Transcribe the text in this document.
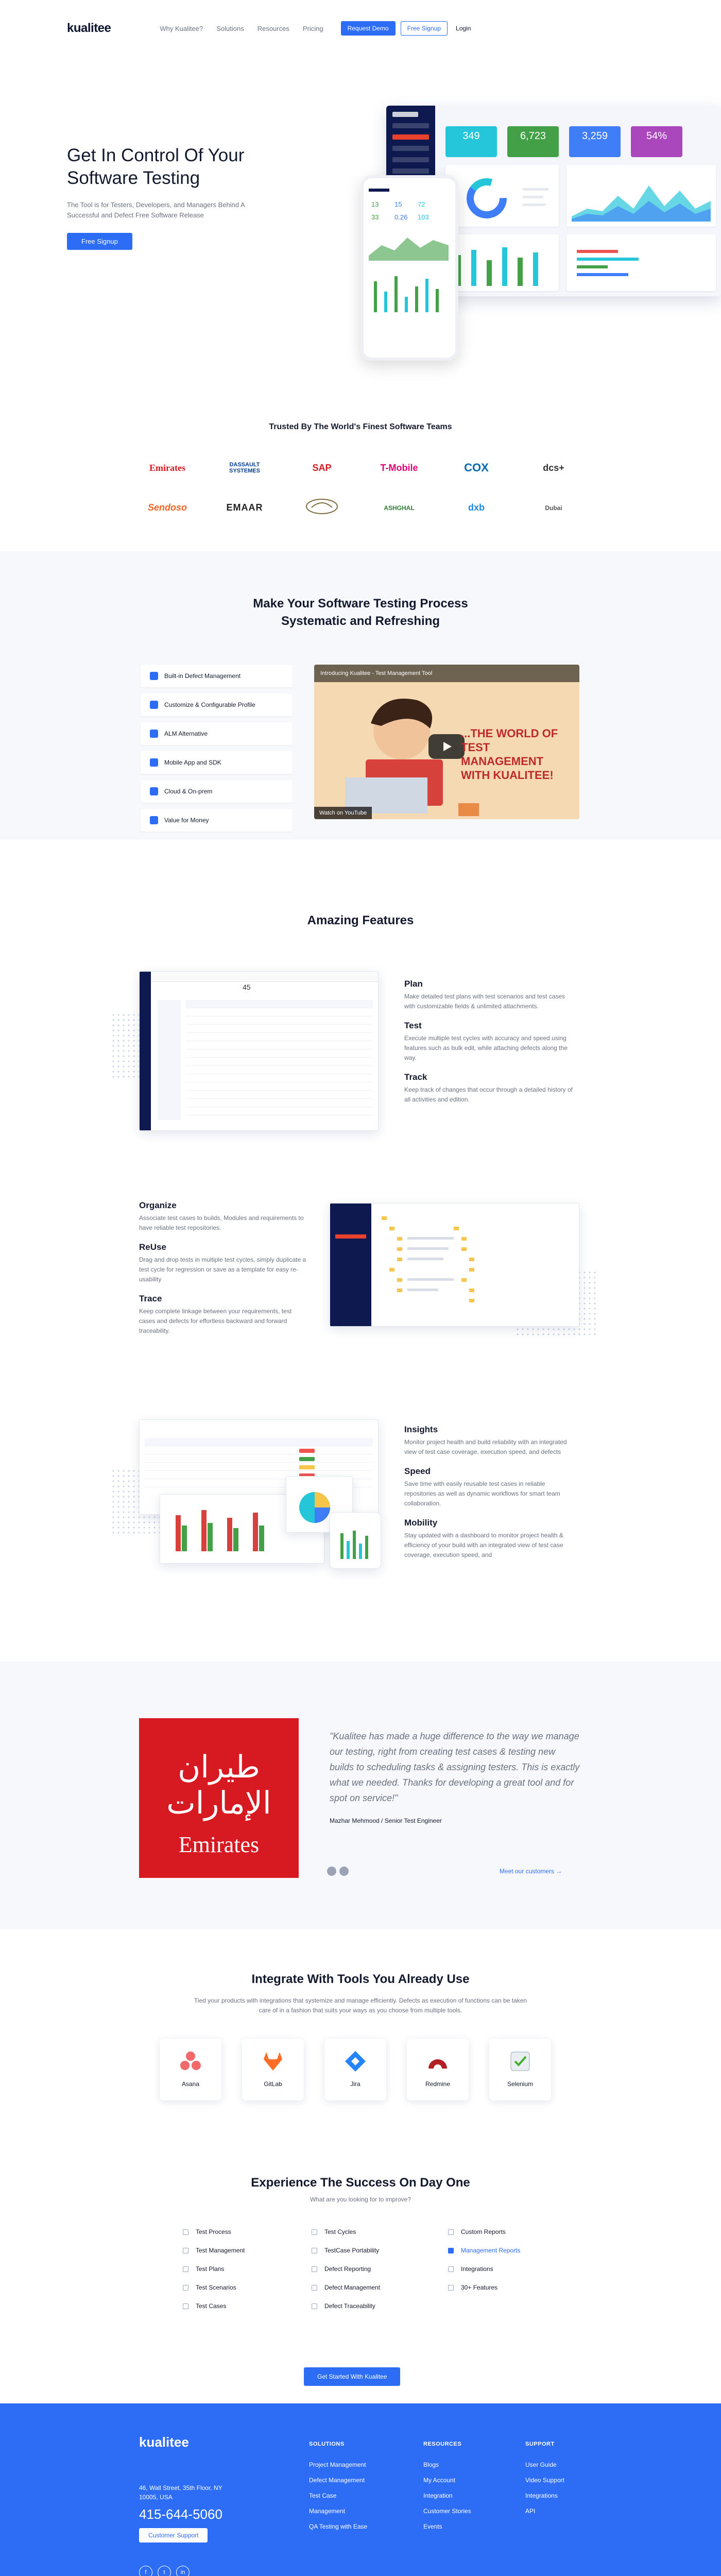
kualitee	Why Kualitee? Solutions Resources Pricing	Request Demo	Free Signup	Login
Get In Control Of Your Software Testing

The Tool is for Testers, Developers, and Managers Behind A Successful and Defect Free Software Release

Free Signup
349	6,723	3,259	54%
13 15 72
33 0.26 103
Trusted By The World's Finest Software Teams
Emirates	DASSAULT SYSTEMES	SAP	T-Mobile	COX	dcs+
Sendoso	EMAAR	ASHGHAL	dxb	Dubai
Make Your Software Testing Process Systematic and Refreshing
Built-in Defect Management
Customize & Configurable Profile
ALM Alternative
Mobile App and SDK
Cloud & On-prem
Value for Money
Introducing Kualitee - Test Management Tool
...THE WORLD OF TEST MANAGEMENT WITH KUALITEE!
Watch on YouTube
Amazing Features
45	Plan
Make detailed test plans with test scenarios and test cases with customizable fields & unlimited attachments.
Test
Execute multiple test cycles with accuracy and speed using features such as bulk edit, while attaching defects along the way.
Track
Keep track of changes that occur through a detailed history of all activities and edition.
Organize
Associate test cases to builds, Modules and requirements to have reliable test repositories.
ReUse
Drag and drop tests in multiple test cycles, simply duplicate a test cycle for regression or save as a template for easy re-usability
Trace
Keep complete linkage between your requirements, test cases and defects for effortless backward and forward traceability.
Insights
Monitor project health and build reliability with an integrated view of test case coverage, execution speed, and defects
Speed
Save time with easily reusable test cases in reliable repositories as well as dynamic workflows for smart team collaboration.
Mobility
Stay updated with a dashboard to monitor project health & efficiency of your build with an integrated view of test case coverage, execution speed, and
طيران الإمارات
Emirates

"Kualitee has made a huge difference to the way we manage our testing, right from creating test cases & testing new builds to scheduling tasks & assigning testers. This is exactly what we needed. Thanks for developing a great tool and for spot on service!"

Mazhar Mehmood / Senior Test Engineer
Meet our customers →
Integrate With Tools You Already Use

Tied your products with integrations that systemize and manage efficiently. Defects as execution of functions can be taken care of in a fashion that suits your ways as you choose from multiple tools.

Asana	GitLab	Jira	Redmine	Selenium
Experience The Success On Day One

What are you looking for to improve?

Test Process	Test Cycles	Custom Reports
Test Management	TestCase Portability	Management Reports
Test Plans	Defect Reporting	Integrations
Test Scenarios	Defect Management	30+ Features
Test Cases	Defect Traceability
Get Started With Kualitee
kualitee
46, Wall Street, 35th Floor, NY 10005, USA
415-644-5060
Customer Support
f	t	in
SOLUTIONS
Project Management
Defect Management
Test Case
Management
QA Testing with Ease
RESOURCES
Blogs
My Account
Integration
Customer Stories
Events
SUPPORT
User Guide
Video Support
Integrations
API
